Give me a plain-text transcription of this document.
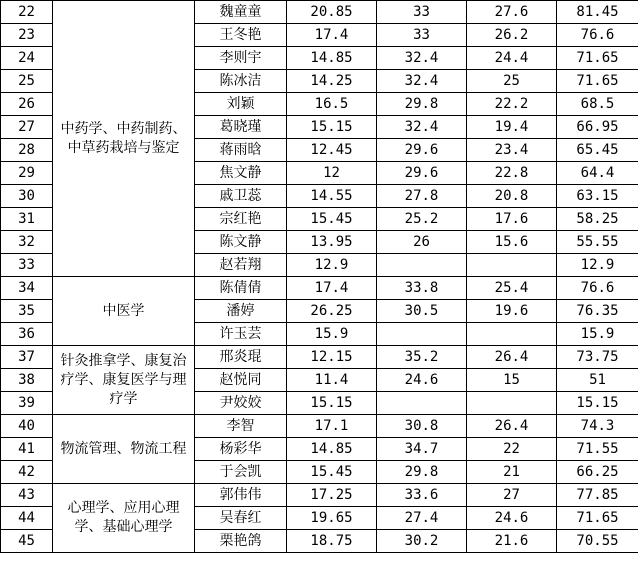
22	中药学、中药制药、中草药栽培与鉴定	魏童童	20.85	33	27.6	81.45
23		王冬艳	17.4	33	26.2	76.6
24		李则宇	14.85	32.4	24.4	71.65
25		陈冰洁	14.25	32.4	25	71.65
26		刘颖	16.5	29.8	22.2	68.5
27		葛晓瑾	15.15	32.4	19.4	66.95
28		蒋雨晗	12.45	29.6	23.4	65.45
29		焦文静	12	29.6	22.8	64.4
30		戚卫蕊	14.55	27.8	20.8	63.15
31		宗红艳	15.45	25.2	17.6	58.25
32		陈文静	13.95	26	15.6	55.55
33		赵若翔	12.9			12.9
34	中医学	陈倩倩	17.4	33.8	25.4	76.6
35		潘婷	26.25	30.5	19.6	76.35
36		许玉芸	15.9			15.9
37	针灸推拿学、康复治疗学、康复医学与理疗学	邢炎琨	12.15	35.2	26.4	73.75
38		赵悦同	11.4	24.6	15	51
39		尹姣姣	15.15			15.15
40	物流管理、物流工程	李智	17.1	30.8	26.4	74.3
41		杨彩华	14.85	34.7	22	71.55
42		于会凯	15.45	29.8	21	66.25
43	心理学、应用心理学、基础心理学	郭伟伟	17.25	33.6	27	77.85
44		吴春红	19.65	27.4	24.6	71.65
45		栗艳鸽	18.75	30.2	21.6	70.55
